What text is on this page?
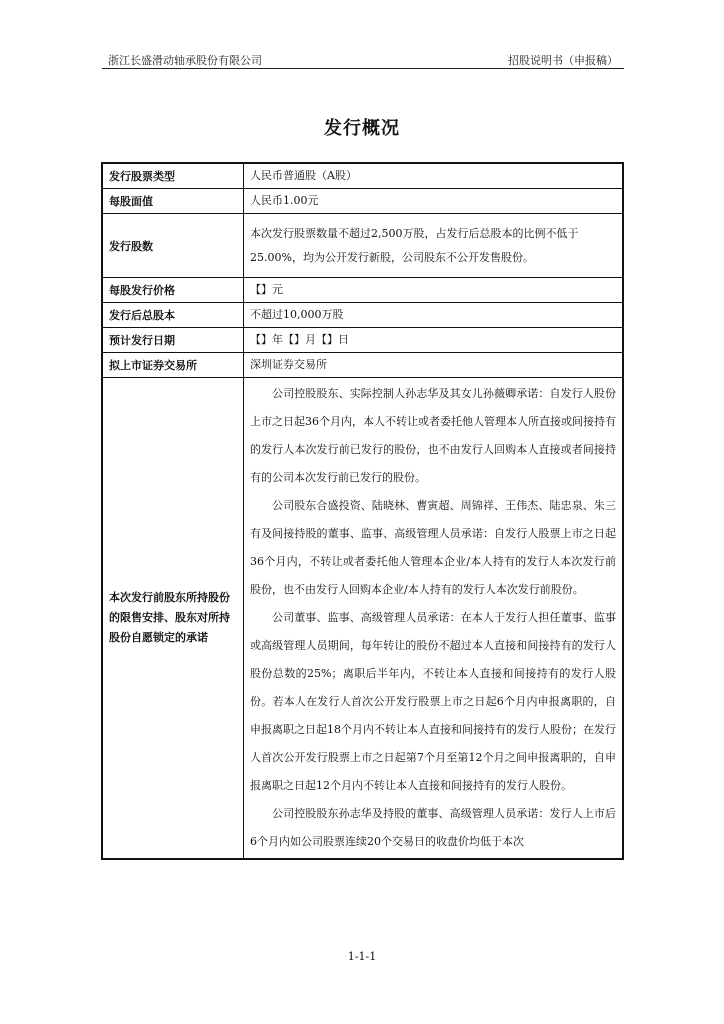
浙江长盛滑动轴承股份有限公司	招股说明书（申报稿）
发行概况
发行股票类型	人民币普通股（A股）
每股面值	人民币1.00元
发行股数	本次发行股票数量不超过2,500万股，占发行后总股本的比例不低于25.00%，均为公开发行新股，公司股东不公开发售股份。
每股发行价格	【】元
发行后总股本	不超过10,000万股
预计发行日期	【】年【】月【】日
拟上市证券交易所	深圳证券交易所
本次发行前股东所持股份的限售安排、股东对所持股份自愿锁定的承诺	公司控股股东、实际控制人孙志华及其女儿孙薇卿承诺：自发行人股份上市之日起36个月内，本人不转让或者委托他人管理本人所直接或间接持有的发行人本次发行前已发行的股份，也不由发行人回购本人直接或者间接持有的公司本次发行前已发行的股份。

公司股东合盛投资、陆晓林、曹寅超、周锦祥、王伟杰、陆忠泉、朱三有及间接持股的董事、监事、高级管理人员承诺：自发行人股票上市之日起36个月内，不转让或者委托他人管理本企业/本人持有的发行人本次发行前股份，也不由发行人回购本企业/本人持有的发行人本次发行前股份。

公司董事、监事、高级管理人员承诺：在本人于发行人担任董事、监事或高级管理人员期间，每年转让的股份不超过本人直接和间接持有的发行人股份总数的25%；离职后半年内，不转让本人直接和间接持有的发行人股份。若本人在发行人首次公开发行股票上市之日起6个月内申报离职的，自申报离职之日起18个月内不转让本人直接和间接持有的发行人股份；在发行人首次公开发行股票上市之日起第7个月至第12个月之间申报离职的，自申报离职之日起12个月内不转让本人直接和间接持有的发行人股份。

公司控股股东孙志华及持股的董事、高级管理人员承诺：发行人上市后6个月内如公司股票连续20个交易日的收盘价均低于本次

1-1-1
